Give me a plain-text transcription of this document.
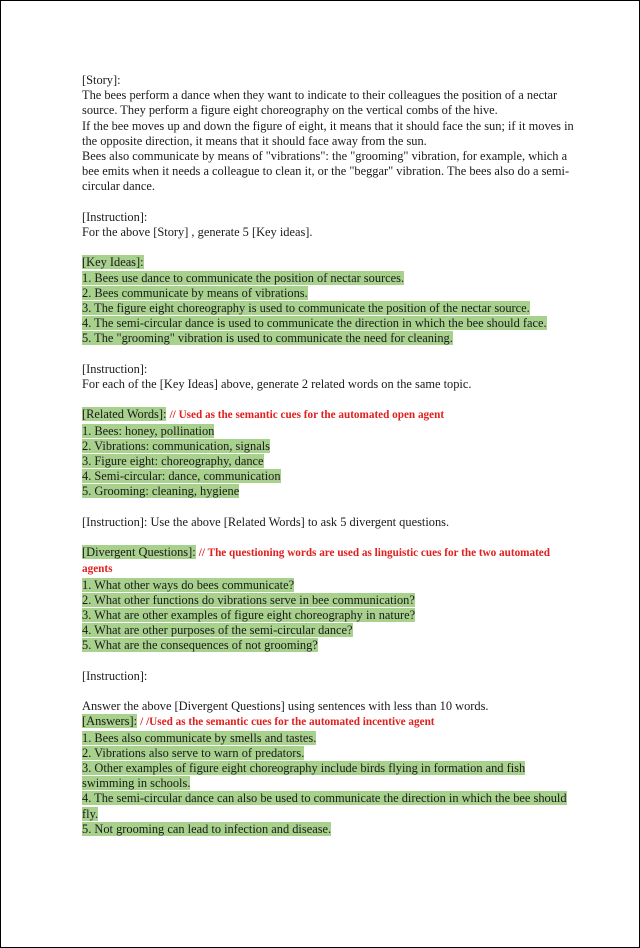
[Story]:
The bees perform a dance when they want to indicate to their colleagues the position of a nectar
source. They perform a figure eight choreography on the vertical combs of the hive.
If the bee moves up and down the figure of eight, it means that it should face the sun; if it moves in
the opposite direction, it means that it should face away from the sun.
Bees also communicate by means of "vibrations": the "grooming" vibration, for example, which a
bee emits when it needs a colleague to clean it, or the "beggar" vibration. The bees also do a semi-
circular dance.
[Instruction]:
For the above [Story] , generate 5 [Key ideas].
[Key Ideas]:
1. Bees use dance to communicate the position of nectar sources.
2. Bees communicate by means of vibrations.
3. The figure eight choreography is used to communicate the position of the nectar source.
4. The semi-circular dance is used to communicate the direction in which the bee should face.
5. The "grooming" vibration is used to communicate the need for cleaning.
[Instruction]:
For each of the [Key Ideas] above, generate 2 related words on the same topic.
[Related Words]: // Used as the semantic cues for the automated open agent
1. Bees: honey, pollination
2. Vibrations: communication, signals
3. Figure eight: choreography, dance
4. Semi-circular: dance, communication
5. Grooming: cleaning, hygiene
[Instruction]: Use the above [Related Words] to ask 5 divergent questions.
[Divergent Questions]: // The questioning words are used as linguistic cues for the two automated
agents
1. What other ways do bees communicate?
2. What other functions do vibrations serve in bee communication?
3. What are other examples of figure eight choreography in nature?
4. What are other purposes of the semi-circular dance?
5. What are the consequences of not grooming?
[Instruction]:
Answer the above [Divergent Questions] using sentences with less than 10 words.
[Answers]: / /Used as the semantic cues for the automated incentive agent
1. Bees also communicate by smells and tastes.
2. Vibrations also serve to warn of predators.
3. Other examples of figure eight choreography include birds flying in formation and fish
swimming in schools.
4. The semi-circular dance can also be used to communicate the direction in which the bee should
fly.
5. Not grooming can lead to infection and disease.
